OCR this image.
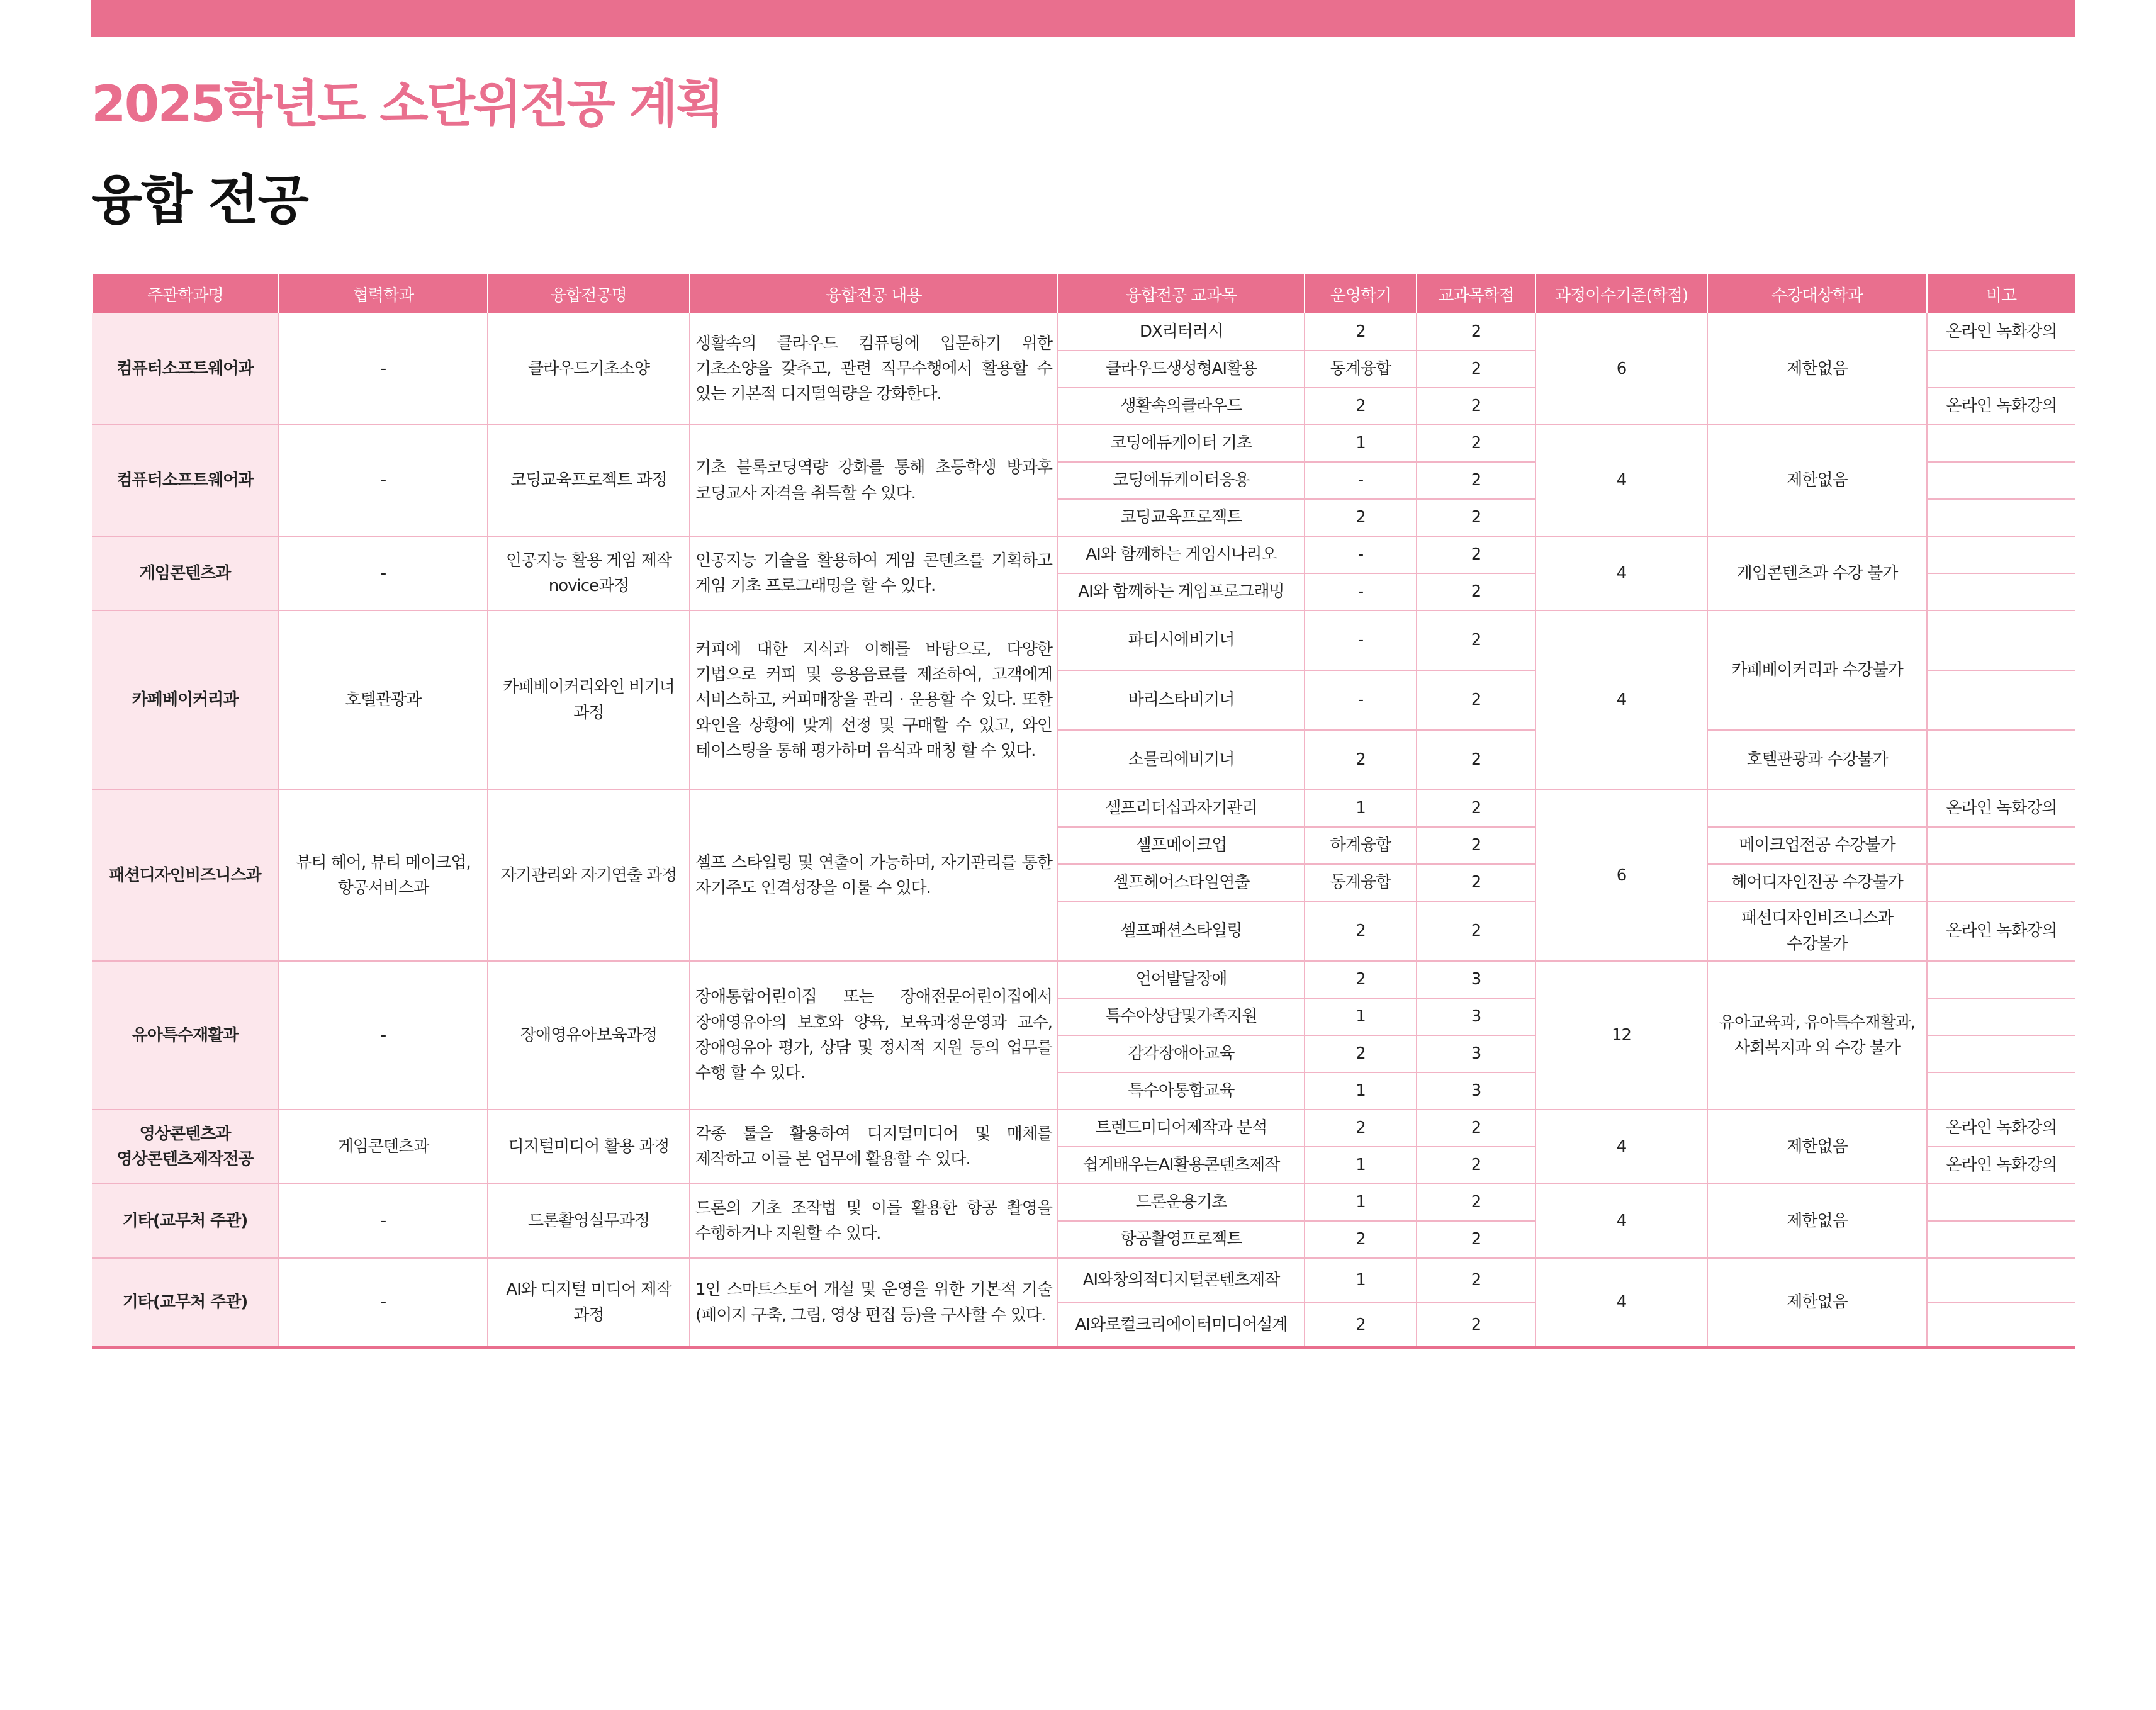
2025학년도 소단위전공 계획
융합 전공
주관학과명	협력학과	융합전공명	융합전공 내용	융합전공 교과목	운영학기	교과목학점	과정이수기준(학점)	수강대상학과	비고
컴퓨터소프트웨어과	-	클라우드기초소양	생활속의 클라우드 컴퓨팅에 입문하기 위한 기초소양을 갖추고, 관련 직무수행에서 활용할 수 있는 기본적 디지털역량을 강화한다.	DX리터러시	2	2	6	제한없음	온라인 녹화강의
				클라우드생성형AI활용	동계융합	2			
				생활속의클라우드	2	2			온라인 녹화강의
컴퓨터소프트웨어과	-	코딩교육프로젝트 과정	기초 블록코딩역량 강화를 통해 초등학생 방과후 코딩교사 자격을 취득할 수 있다.	코딩에듀케이터 기초	1	2	4	제한없음	
				코딩에듀케이터응용	-	2			
				코딩교육프로젝트	2	2			
게임콘텐츠과	-	인공지능 활용 게임 제작 novice과정	인공지능 기술을 활용하여 게임 콘텐츠를 기획하고 게임 기초 프로그래밍을 할 수 있다.	AI와 함께하는 게임시나리오	-	2	4	게임콘텐츠과 수강 불가	
				AI와 함께하는 게임프로그래밍	-	2			
카페베이커리과	호텔관광과	카페베이커리와인 비기너 과정	커피에 대한 지식과 이해를 바탕으로, 다양한 기법으로 커피 및 응용음료를 제조하여, 고객에게 서비스하고, 커피매장을 관리 · 운용할 수 있다. 또한 와인을 상황에 맞게 선정 및 구매할 수 있고, 와인 테이스팅을 통해 평가하며 음식과 매칭 할 수 있다.	파티시에비기너	-	2	4	카페베이커리과 수강불가	
				바리스타비기너	-	2			
				소믈리에비기너	2	2		호텔관광과 수강불가	
패션디자인비즈니스과	뷰티 헤어, 뷰티 메이크업, 항공서비스과	자기관리와 자기연출 과정	셀프 스타일링 및 연출이 가능하며, 자기관리를 통한 자기주도 인격성장을 이룰 수 있다.	셀프리더십과자기관리	1	2	6		온라인 녹화강의
				셀프메이크업	하계융합	2		메이크업전공 수강불가	
				셀프헤어스타일연출	동계융합	2		헤어디자인전공 수강불가	
				셀프패션스타일링	2	2		패션디자인비즈니스과 수강불가	온라인 녹화강의
유아특수재활과	-	장애영유아보육과정	장애통합어린이집 또는 장애전문어린이집에서 장애영유아의 보호와 양육, 보육과정운영과 교수, 장애영유아 평가, 상담 및 정서적 지원 등의 업무를 수행 할 수 있다.	언어발달장애	2	3	12	유아교육과, 유아특수재활과, 사회복지과 외 수강 불가	
				특수아상담및가족지원	1	3			
				감각장애아교육	2	3			
				특수아통합교육	1	3			
영상콘텐츠과 영상콘텐츠제작전공	게임콘텐츠과	디지털미디어 활용 과정	각종 툴을 활용하여 디지털미디어 및 매체를 제작하고 이를 본 업무에 활용할 수 있다.	트렌드미디어제작과 분석	2	2	4	제한없음	온라인 녹화강의
				쉽게배우는AI활용콘텐츠제작	1	2			온라인 녹화강의
기타(교무처 주관)	-	드론촬영실무과정	드론의 기초 조작법 및 이를 활용한 항공 촬영을 수행하거나 지원할 수 있다.	드론운용기초	1	2	4	제한없음	
				항공촬영프로젝트	2	2			
기타(교무처 주관)	-	AI와 디지털 미디어 제작 과정	1인 스마트스토어 개설 및 운영을 위한 기본적 기술(페이지 구축, 그림, 영상 편집 등)을 구사할 수 있다.	AI와창의적디지털콘텐츠제작	1	2	4	제한없음	
				AI와로컬크리에이터미디어설계	2	2			
